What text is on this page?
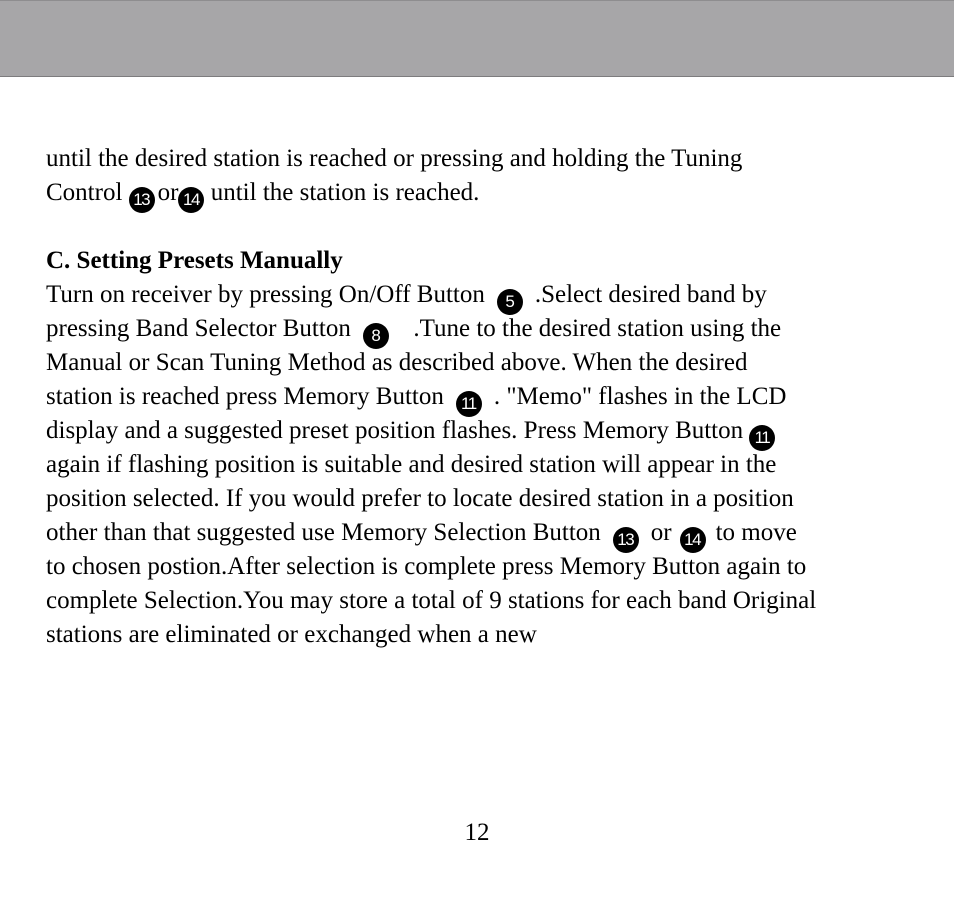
until the desired station is reached or pressing and holding the Tuning
Control 13 or 14 until the station is reached.
C. Setting Presets Manually
Turn on receiver by pressing On/Off Button 5 .Select desired band by
pressing Band Selector Button 8 .Tune to the desired station using the
Manual or Scan Tuning Method as described above. When the desired
station is reached press Memory Button 11 . "Memo" flashes in the LCD
display and a suggested preset position flashes. Press Memory Button 11
again if flashing position is suitable and desired station will appear in the
position selected. If you would prefer to locate desired station in a position
other than that suggested use Memory Selection Button 13 or 14 to move
to chosen postion.After selection is complete press Memory Button again to
complete Selection.You may store a total of 9 stations for each band Original
stations are eliminated or exchanged when a new
12
